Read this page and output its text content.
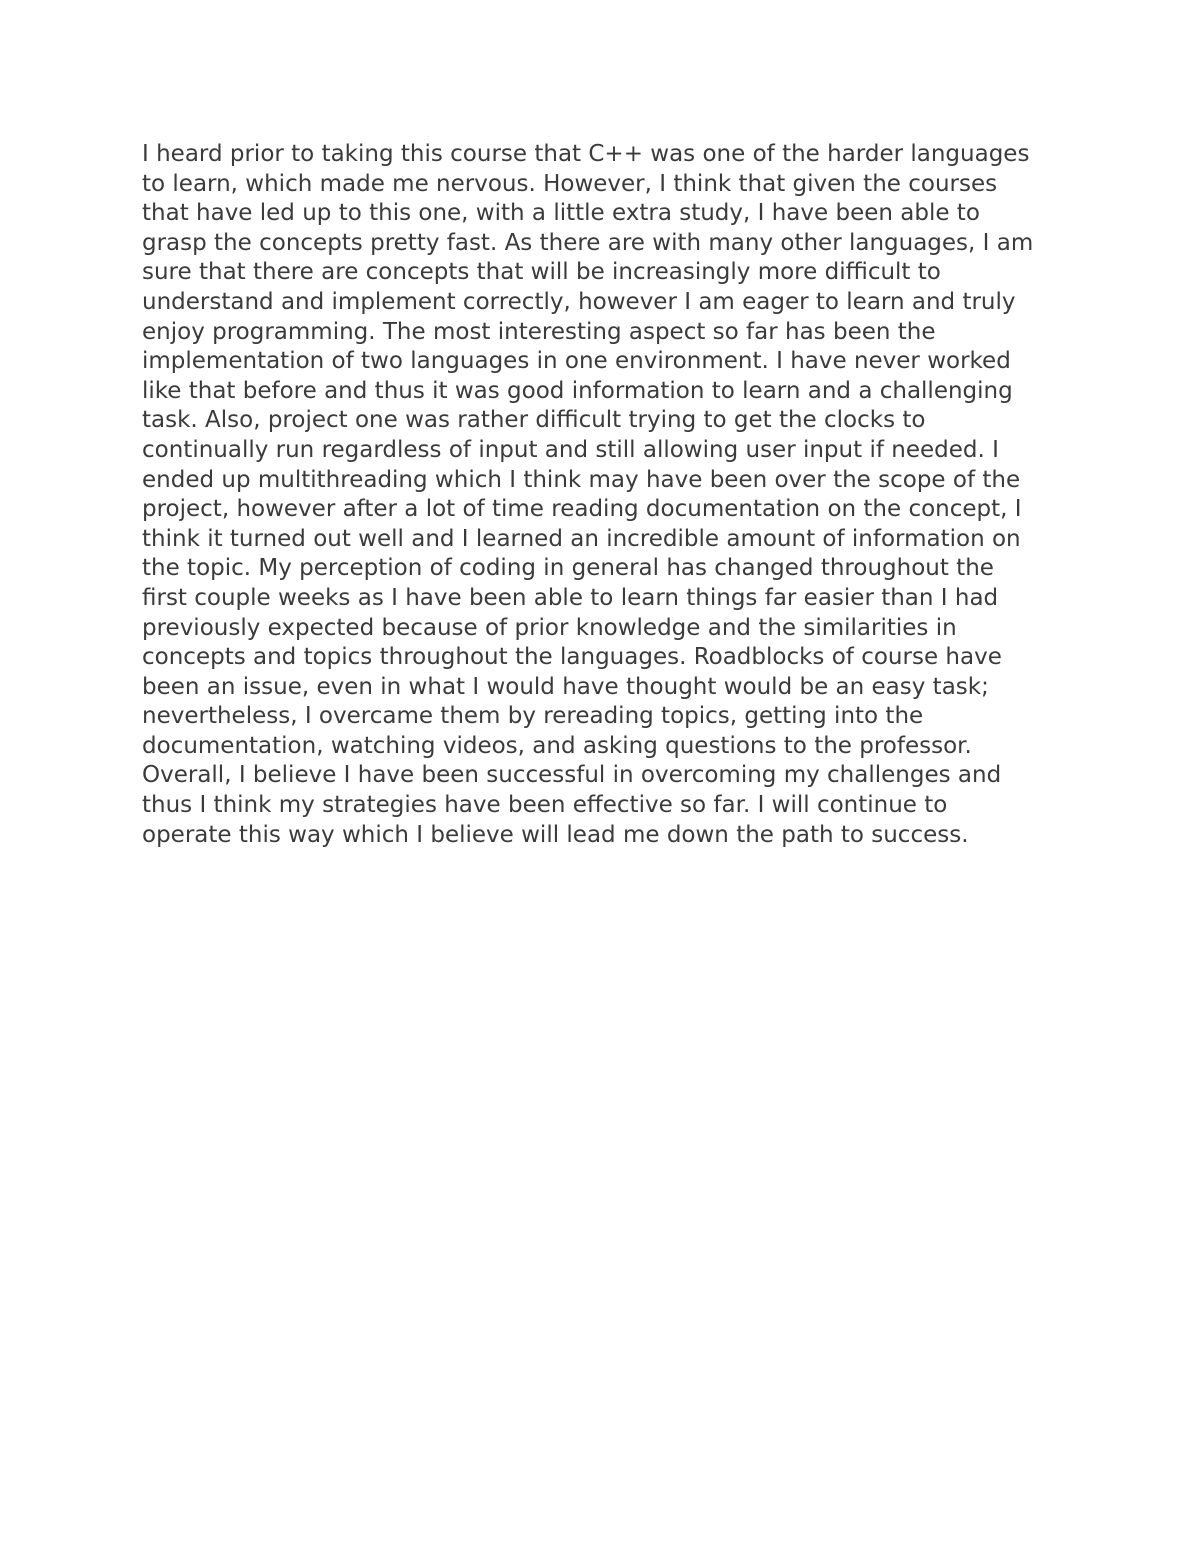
I heard prior to taking this course that C++ was one of the harder languages
to learn, which made me nervous. However, I think that given the courses
that have led up to this one, with a little extra study, I have been able to
grasp the concepts pretty fast. As there are with many other languages, I am
sure that there are concepts that will be increasingly more difficult to
understand and implement correctly, however I am eager to learn and truly
enjoy programming. The most interesting aspect so far has been the
implementation of two languages in one environment. I have never worked
like that before and thus it was good information to learn and a challenging
task. Also, project one was rather difficult trying to get the clocks to
continually run regardless of input and still allowing user input if needed. I
ended up multithreading which I think may have been over the scope of the
project, however after a lot of time reading documentation on the concept, I
think it turned out well and I learned an incredible amount of information on
the topic. My perception of coding in general has changed throughout the
first couple weeks as I have been able to learn things far easier than I had
previously expected because of prior knowledge and the similarities in
concepts and topics throughout the languages. Roadblocks of course have
been an issue, even in what I would have thought would be an easy task;
nevertheless, I overcame them by rereading topics, getting into the
documentation, watching videos, and asking questions to the professor.
Overall, I believe I have been successful in overcoming my challenges and
thus I think my strategies have been effective so far. I will continue to
operate this way which I believe will lead me down the path to success.
